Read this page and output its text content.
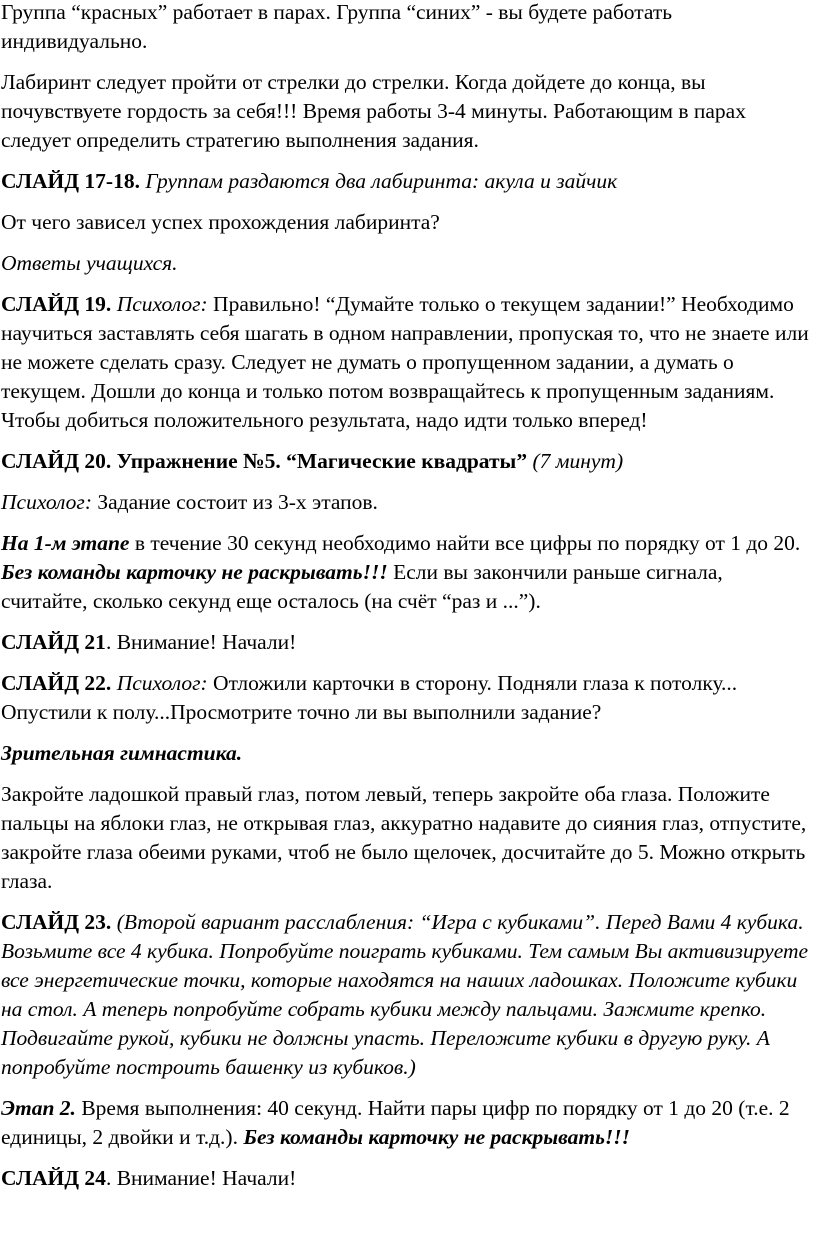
Группа “красных” работает в парах. Группа “синих” - вы будете работать индивидуально.

Лабиринт следует пройти от стрелки до стрелки. Когда дойдете до конца, вы почувствуете гордость за себя!!! Время работы 3-4 минуты. Работающим в парах следует определить стратегию выполнения задания.

СЛАЙД 17-18. Группам раздаются два лабиринта: акула и зайчик

От чего зависел успех прохождения лабиринта?

Ответы учащихся.

СЛАЙД 19. Психолог: Правильно! “Думайте только о текущем задании!” Необходимо научиться заставлять себя шагать в одном направлении, пропуская то, что не знаете или не можете сделать сразу. Следует не думать о пропущенном задании, а думать о текущем. Дошли до конца и только потом возвращайтесь к пропущенным заданиям. Чтобы добиться положительного результата, надо идти только вперед!

СЛАЙД 20. Упражнение №5. “Магические квадраты” (7 минут)

Психолог: Задание состоит из 3-х этапов.

На 1-м этапе в течение 30 секунд необходимо найти все цифры по порядку от 1 до 20. Без команды карточку не раскрывать!!! Если вы закончили раньше сигнала, считайте, сколько секунд еще осталось (на счёт “раз и ...”).

СЛАЙД 21. Внимание! Начали!

СЛАЙД 22. Психолог: Отложили карточки в сторону. Подняли глаза к потолку... Опустили к полу...Просмотрите точно ли вы выполнили задание?

Зрительная гимнастика.

Закройте ладошкой правый глаз, потом левый, теперь закройте оба глаза. Положите пальцы на яблоки глаз, не открывая глаз, аккуратно надавите до сияния глаз, отпустите, закройте глаза обеими руками, чтоб не было щелочек, досчитайте до 5. Можно открыть глаза.

СЛАЙД 23. (Второй вариант расслабления: “Игра с кубиками”. Перед Вами 4 кубика. Возьмите все 4 кубика. Попробуйте поиграть кубиками. Тем самым Вы активизируете все энергетические точки, которые находятся на наших ладошках. Положите кубики на стол. А теперь попробуйте собрать кубики между пальцами. Зажмите крепко. Подвигайте рукой, кубики не должны упасть. Переложите кубики в другую руку. А попробуйте построить башенку из кубиков.)

Этап 2. Время выполнения: 40 секунд. Найти пары цифр по порядку от 1 до 20 (т.е. 2 единицы, 2 двойки и т.д.). Без команды карточку не раскрывать!!!

СЛАЙД 24. Внимание! Начали!
